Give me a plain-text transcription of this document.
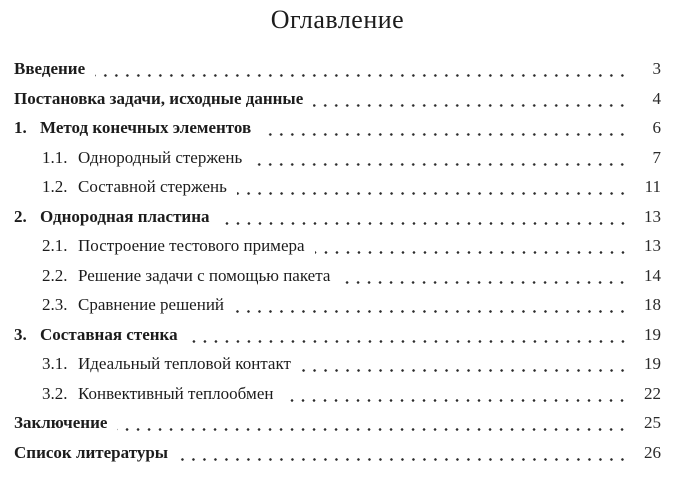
Оглавление
Введение	3
Постановка задачи, исходные данные	4
1. Метод конечных элементов	6
1.1. Однородный стержень	7
1.2. Составной стержень	11
2. Однородная пластина	13
2.1. Построение тестового примера	13
2.2. Решение задачи с помощью пакета	14
2.3. Сравнение решений	18
3. Составная стенка	19
3.1. Идеальный тепловой контакт	19
3.2. Конвективный теплообмен	22
Заключение	25
Список литературы	26
